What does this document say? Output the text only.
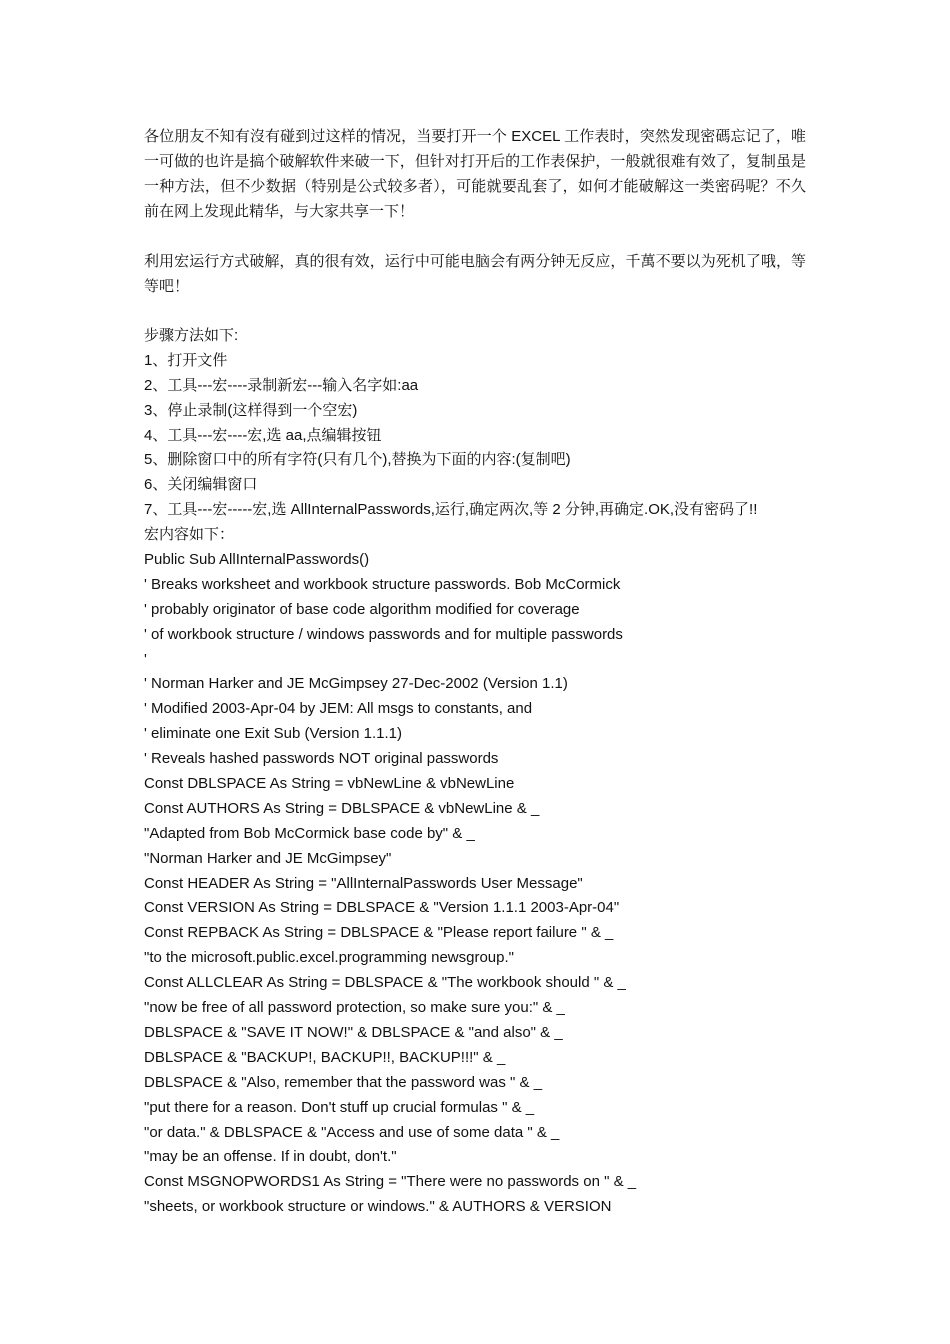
各位朋友不知有沒有碰到过这样的情况，当要打开一个 EXCEL 工作表时，突然发现密碼忘记了，唯一可做的也许是搞个破解软件来破一下，但针对打开后的工作表保护，一般就很难有效了，复制虽是一种方法，但不少数据（特别是公式较多者），可能就要乱套了，如何才能破解这一类密码呢？不久前在网上发现此精华，与大家共享一下！

利用宏运行方式破解，真的很有效，运行中可能电脑会有两分钟无反应，千萬不要以为死机了哦，等等吧！

步骤方法如下:

1、打开文件

2、工具---宏----录制新宏---输入名字如:aa

3、停止录制(这样得到一个空宏)

4、工具---宏----宏,选 aa,点编辑按钮

5、删除窗口中的所有字符(只有几个),替换为下面的内容:(复制吧)

6、关闭编辑窗口

7、工具---宏-----宏,选 AllInternalPasswords,运行,确定两次,等 2 分钟,再确定.OK,没有密码了!!

宏内容如下：

Public Sub AllInternalPasswords()

' Breaks worksheet and workbook structure passwords. Bob McCormick

' probably originator of base code algorithm modified for coverage

' of workbook structure / windows passwords and for multiple passwords

'

' Norman Harker and JE McGimpsey 27-Dec-2002 (Version 1.1)

' Modified 2003-Apr-04 by JEM: All msgs to constants, and

' eliminate one Exit Sub (Version 1.1.1)

' Reveals hashed passwords NOT original passwords

Const DBLSPACE As String = vbNewLine & vbNewLine

Const AUTHORS As String = DBLSPACE & vbNewLine & _

"Adapted from Bob McCormick base code by" & _

"Norman Harker and JE McGimpsey"

Const HEADER As String = "AllInternalPasswords User Message"

Const VERSION As String = DBLSPACE & "Version 1.1.1 2003-Apr-04"

Const REPBACK As String = DBLSPACE & "Please report failure " & _

"to the microsoft.public.excel.programming newsgroup."

Const ALLCLEAR As String = DBLSPACE & "The workbook should " & _

"now be free of all password protection, so make sure you:" & _

DBLSPACE & "SAVE IT NOW!" & DBLSPACE & "and also" & _

DBLSPACE & "BACKUP!, BACKUP!!, BACKUP!!!" & _

DBLSPACE & "Also, remember that the password was " & _

"put there for a reason. Don't stuff up crucial formulas " & _

"or data." & DBLSPACE & "Access and use of some data " & _

"may be an offense. If in doubt, don't."

Const MSGNOPWORDS1 As String = "There were no passwords on " & _

"sheets, or workbook structure or windows." & AUTHORS & VERSION
